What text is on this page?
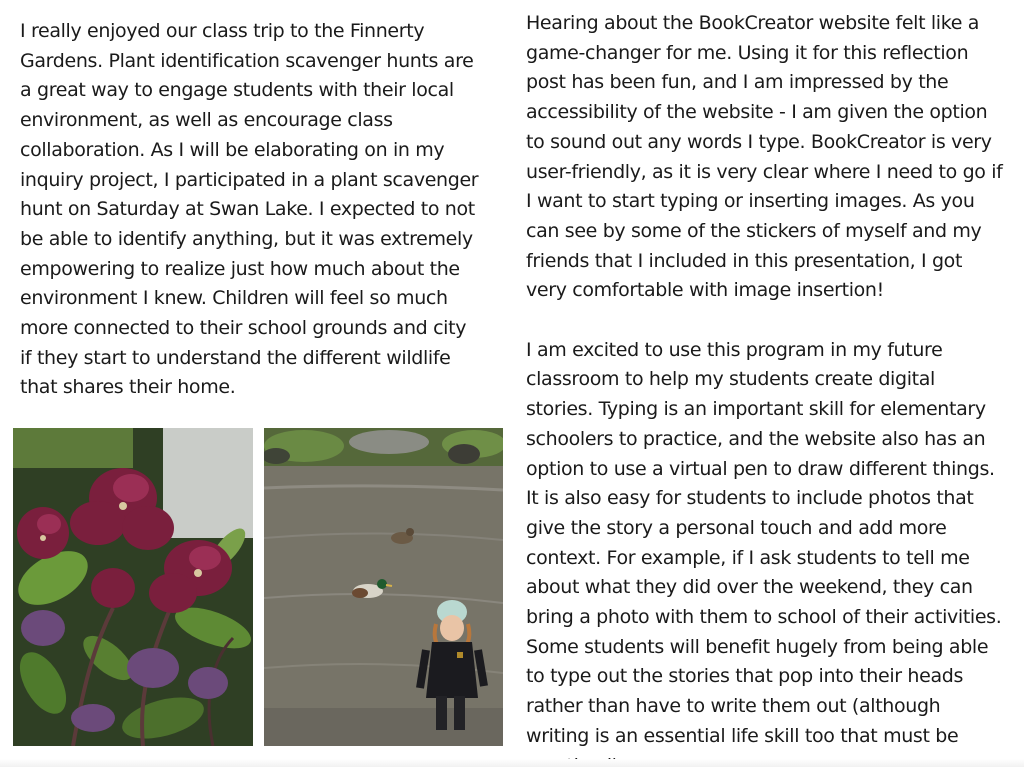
I really enjoyed our class trip to the Finnerty
Gardens. Plant identification scavenger hunts are
a great way to engage students with their local
environment, as well as encourage class
collaboration. As I will be elaborating on in my
inquiry project, I participated in a plant scavenger
hunt on Saturday at Swan Lake. I expected to not
be able to identify anything, but it was extremely
empowering to realize just how much about the
environment I knew. Children will feel so much
more connected to their school grounds and city
if they start to understand the different wildlife
that shares their home.

Hearing about the BookCreator website felt like a
game-changer for me. Using it for this reflection
post has been fun, and I am impressed by the
accessibility of the website - I am given the option
to sound out any words I type. BookCreator is very
user-friendly, as it is very clear where I need to go if
I want to start typing or inserting images. As you
can see by some of the stickers of myself and my
friends that I included in this presentation, I got
very comfortable with image insertion!

I am excited to use this program in my future
classroom to help my students create digital
stories. Typing is an important skill for elementary
schoolers to practice, and the website also has an
option to use a virtual pen to draw different things.
It is also easy for students to include photos that
give the story a personal touch and add more
context. For example, if I ask students to tell me
about what they did over the weekend, they can
bring a photo with them to school of their activities.
Some students will benefit hugely from being able
to type out the stories that pop into their heads
rather than have to write them out (although
writing is an essential life skill too that must be
